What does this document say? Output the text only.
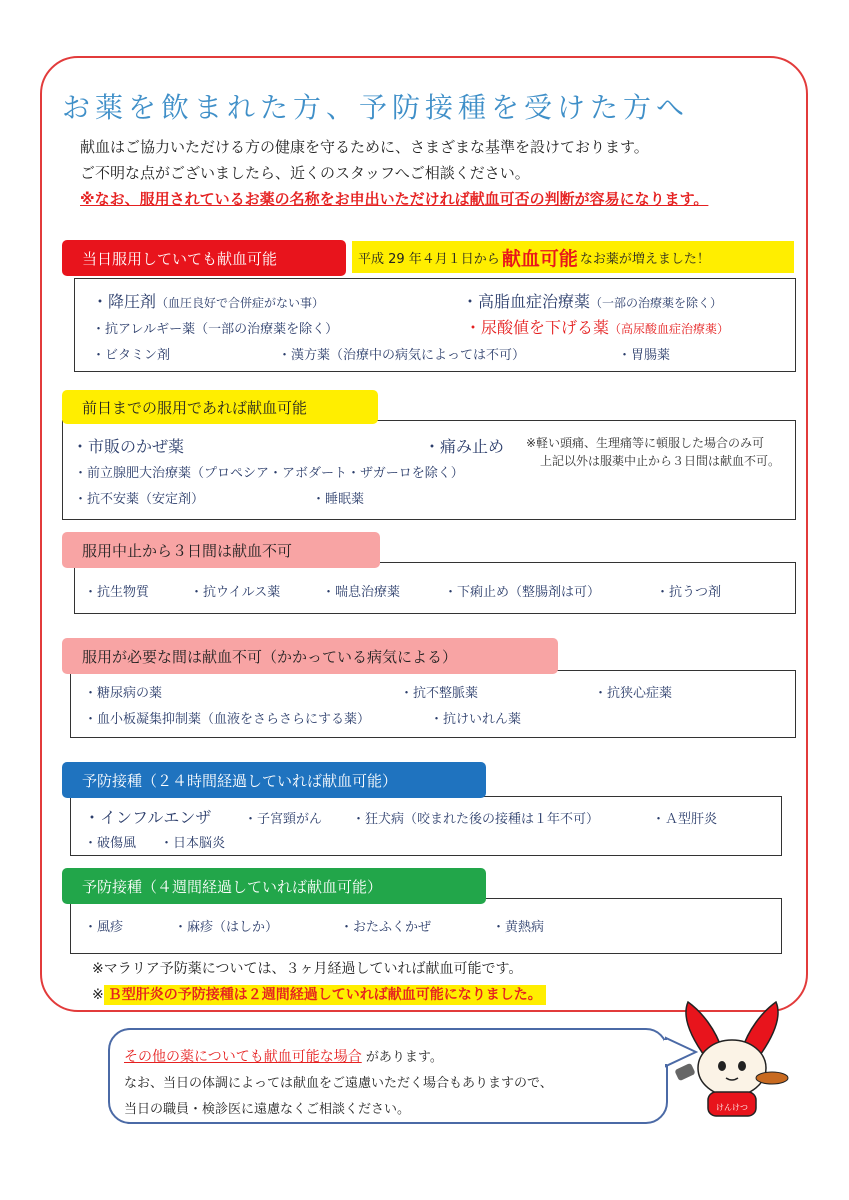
お薬を飲まれた方、予防接種を受けた方へ
献血はご協力いただける方の健康を守るために、さまざまな基準を設けております。
ご不明な点がございましたら、近くのスタッフへご相談ください。
※なお、服用されているお薬の名称をお申出いただければ献血可否の判断が容易になります。
当日服用していても献血可能	平成 29 年４月１日から 献血可能 なお薬が増えました！
・降圧剤（血圧良好で合併症がない事）	・高脂血症治療薬（一部の治療薬を除く）
・抗アレルギー薬（一部の治療薬を除く）	・尿酸値を下げる薬（高尿酸血症治療薬）
・ビタミン剤	・漢方薬（治療中の病気によっては不可）	・胃腸薬
前日までの服用であれば献血可能
・市販のかぜ薬	・痛み止め ※軽い頭痛、生理痛等に頓服した場合のみ可
上記以外は服薬中止から３日間は献血不可。
・前立腺肥大治療薬（プロペシア・アボダート・ザガーロを除く）
・抗不安薬（安定剤）	・睡眠薬
服用中止から３日間は献血不可
・抗生物質	・抗ウイルス薬	・喘息治療薬	・下痢止め（整腸剤は可）	・抗うつ剤
服用が必要な間は献血不可（かかっている病気による）
・糖尿病の薬	・抗不整脈薬	・抗狭心症薬
・血小板凝集抑制薬（血液をさらさらにする薬）	・抗けいれん薬
予防接種（２４時間経過していれば献血可能）
・インフルエンザ	・子宮頸がん ・狂犬病（咬まれた後の接種は１年不可）	・Ａ型肝炎
・破傷風 ・日本脳炎
予防接種（４週間経過していれば献血可能）
・風疹	・麻疹（はしか）	・おたふくかぜ	・黄熱病
※マラリア予防薬については、３ヶ月経過していれば献血可能です。
※ Ｂ型肝炎の予防接種は２週間経過していれば献血可能になりました。
その他の薬についても献血可能な場合 があります。
なお、当日の体調によっては献血をご遠慮いただく場合もありますので、
当日の職員・検診医に遠慮なくご相談ください。	けんけつ
